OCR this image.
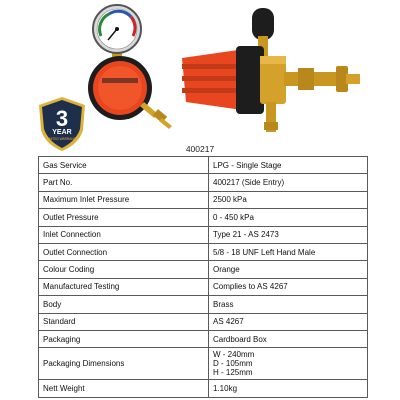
3
YEAR
LIMITED WARRANTY
400217
Gas Service	LPG - Single Stage
Part No.	400217 (Side Entry)
Maximum Inlet Pressure	2500 kPa
Outlet Pressure	0 - 450 kPa
Inlet Connection	Type 21 - AS 2473
Outlet Connection	5/8 - 18 UNF Left Hand Male
Colour Coding	Orange
Manufactured Testing	Complies to AS 4267
Body	Brass
Standard	AS 4267
Packaging	Cardboard Box
Packaging Dimensions	W - 240mm
D - 105mm
H - 125mm

Nett Weight	1.10kg
